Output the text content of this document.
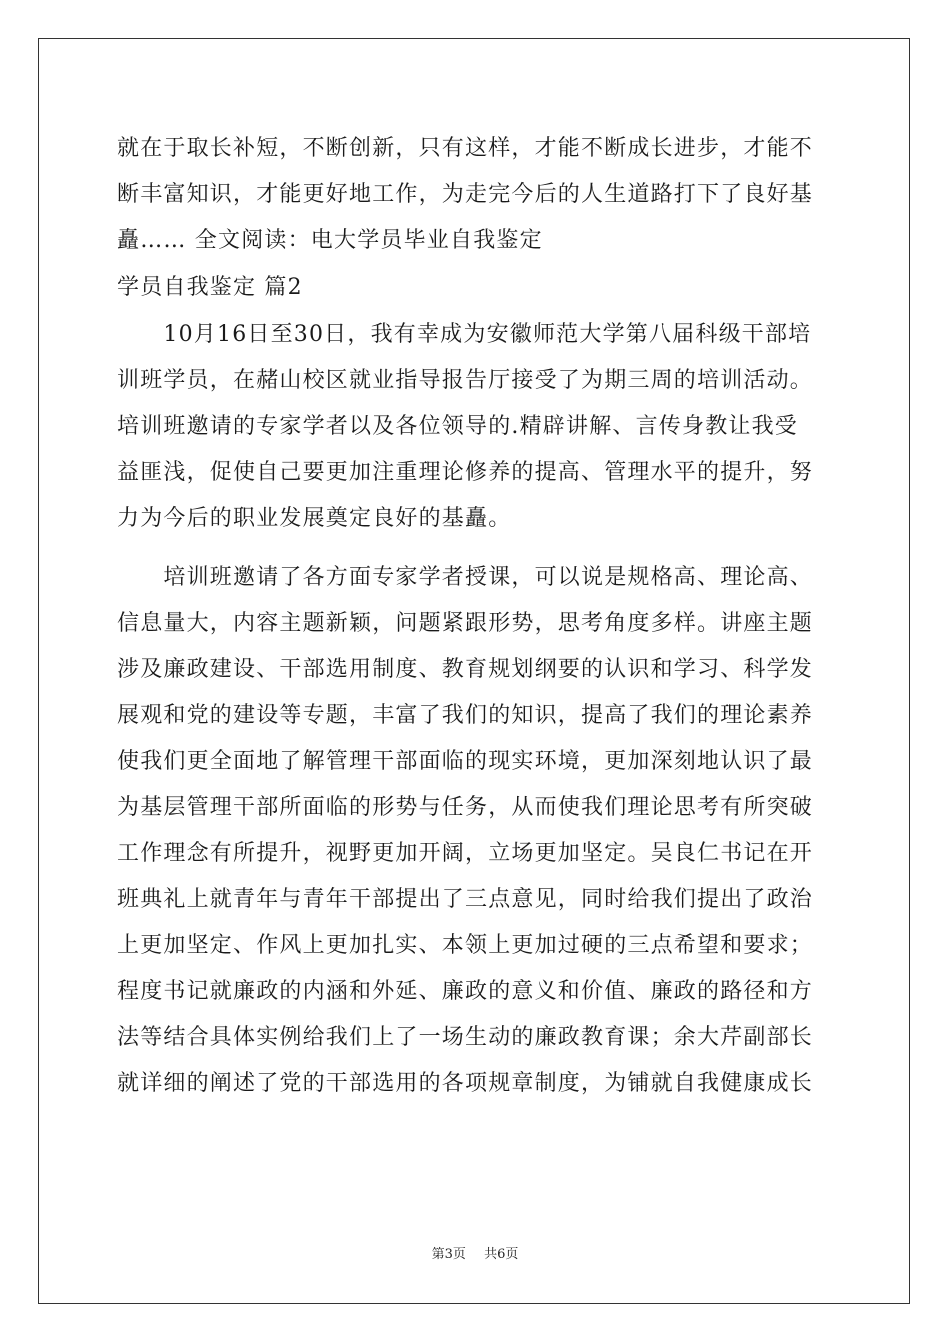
就在于取长补短，不断创新，只有这样，才能不断成长进步，才能不
断丰富知识，才能更好地工作，为走完今后的人生道路打下了良好基
矗…… 全文阅读：电大学员毕业自我鉴定
学员自我鉴定 篇2
　　10月16日至30日，我有幸成为安徽师范大学第八届科级干部培
训班学员，在赭山校区就业指导报告厅接受了为期三周的培训活动。
培训班邀请的专家学者以及各位领导的.精辟讲解、言传身教让我受
益匪浅，促使自己要更加注重理论修养的提高、管理水平的提升，努
力为今后的职业发展奠定良好的基矗。
　　培训班邀请了各方面专家学者授课，可以说是规格高、理论高、
信息量大，内容主题新颖，问题紧跟形势，思考角度多样。讲座主题
涉及廉政建设、干部选用制度、教育规划纲要的认识和学习、科学发
展观和党的建设等专题，丰富了我们的知识，提高了我们的理论素养
使我们更全面地了解管理干部面临的现实环境，更加深刻地认识了最
为基层管理干部所面临的形势与任务，从而使我们理论思考有所突破
工作理念有所提升，视野更加开阔，立场更加坚定。吴良仁书记在开
班典礼上就青年与青年干部提出了三点意见，同时给我们提出了政治
上更加坚定、作风上更加扎实、本领上更加过硬的三点希望和要求；
程度书记就廉政的内涵和外延、廉政的意义和价值、廉政的路径和方
法等结合具体实例给我们上了一场生动的廉政教育课；余大芹副部长
就详细的阐述了党的干部选用的各项规章制度，为铺就自我健康成长
第3页 共6页
